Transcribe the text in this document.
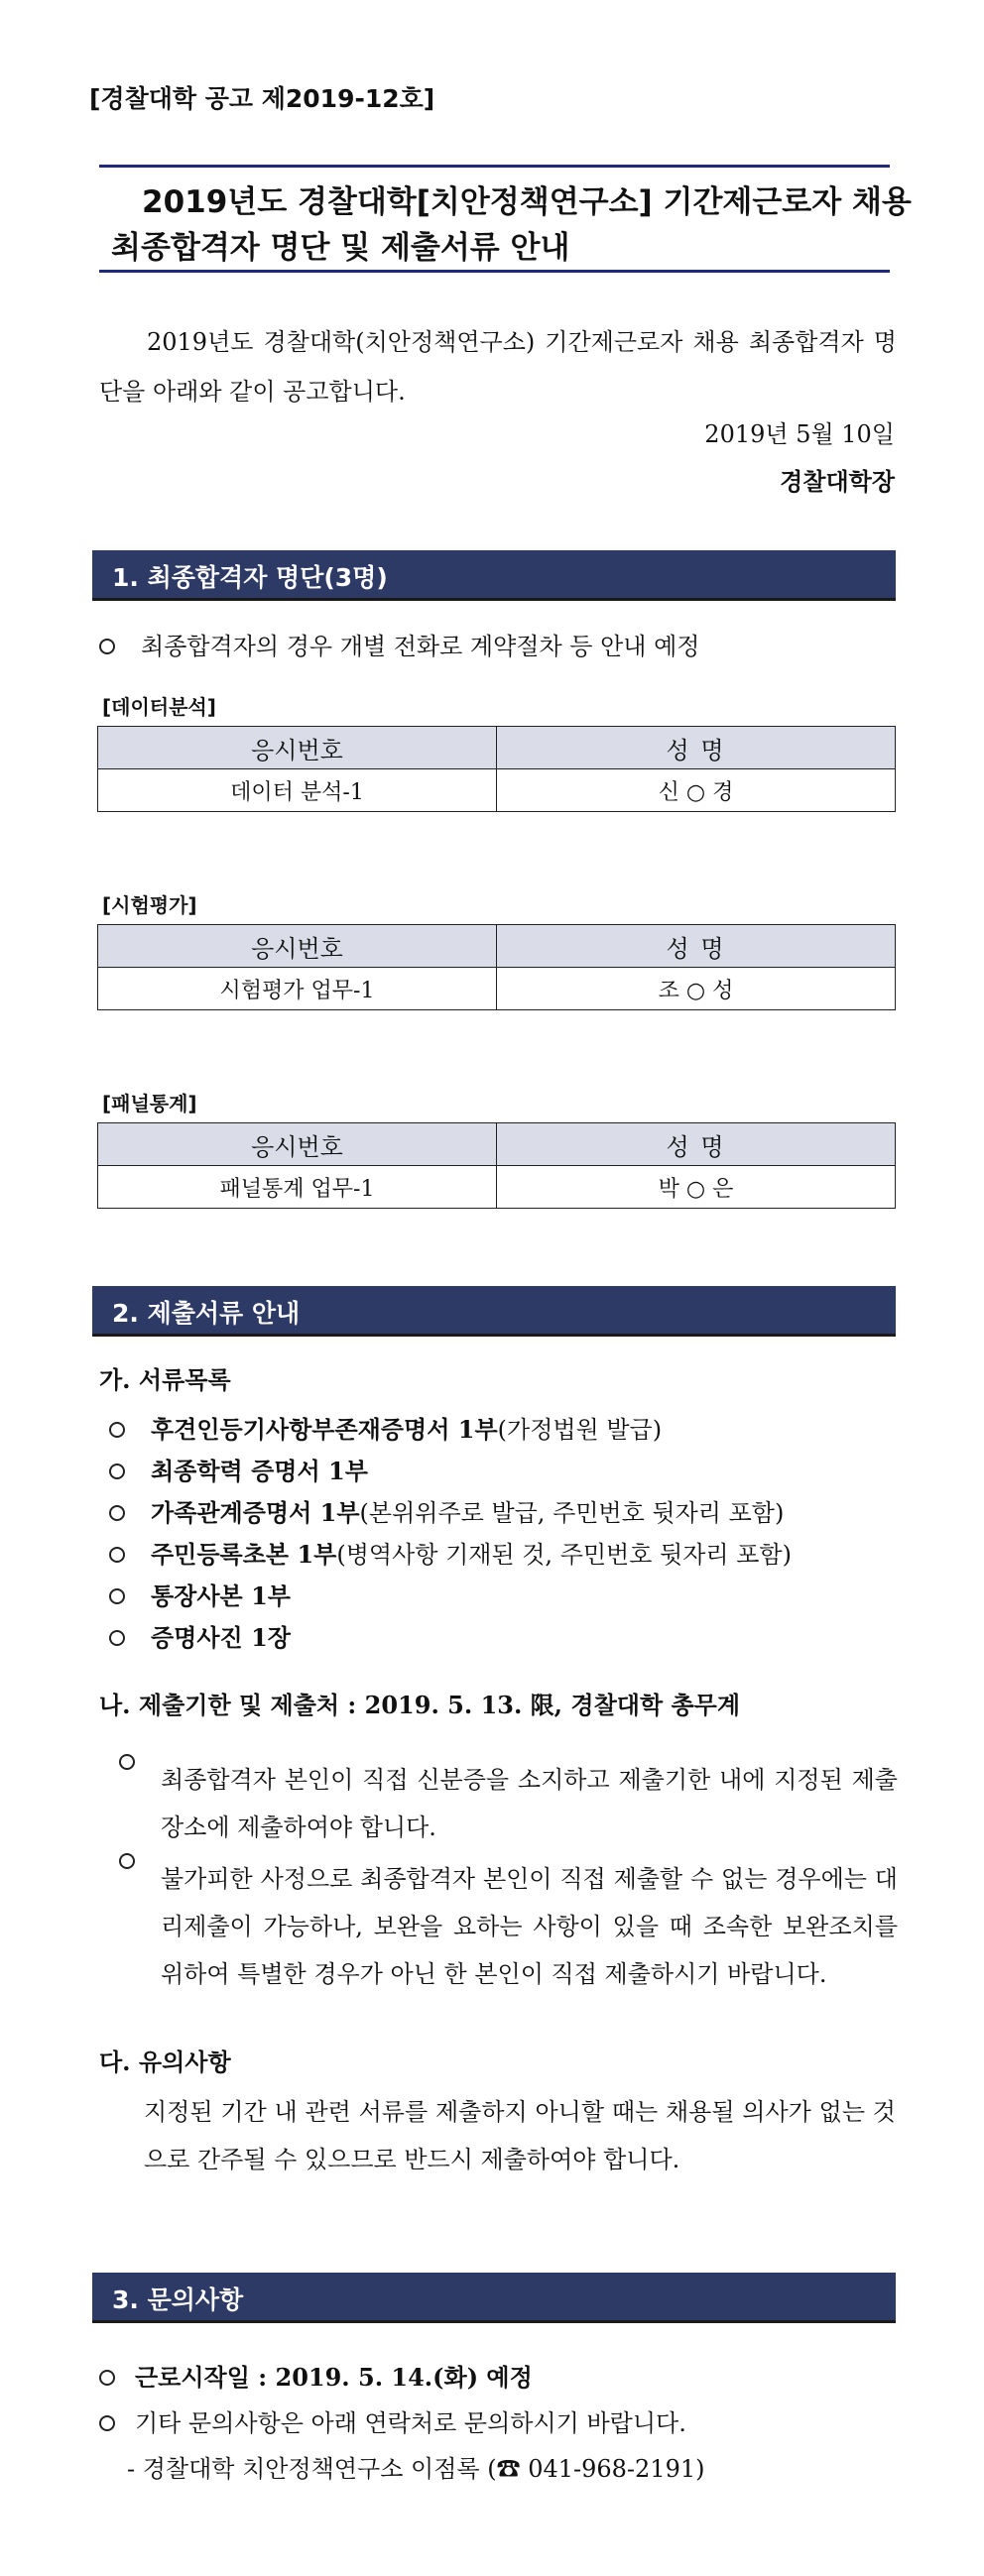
[경찰대학 공고 제2019-12호]
2019년도 경찰대학[치안정책연구소] 기간제근로자 채용
최종합격자 명단 및 제출서류 안내
2019년도 경찰대학(치안정책연구소) 기간제근로자 채용 최종합격자 명단을 아래와 같이 공고합니다.
2019년 5월 10일
경찰대학장
1. 최종합격자 명단(3명)
최종합격자의 경우 개별 전화로 계약절차 등 안내 예정
[데이터분석]
응시번호	성 명
데이터 분석-1	신 ○ 경
[시험평가]
응시번호	성 명
시험평가 업무-1	조 ○ 성
[패널통계]
응시번호	성 명
패널통계 업무-1	박 ○ 은
2. 제출서류 안내
가. 서류목록
후견인등기사항부존재증명서 1부(가정법원 발급)
최종학력 증명서 1부
가족관계증명서 1부(본위위주로 발급, 주민번호 뒷자리 포함)
주민등록초본 1부(병역사항 기재된 것, 주민번호 뒷자리 포함)
통장사본 1부
증명사진 1장
나. 제출기한 및 제출처 : 2019. 5. 13. 限, 경찰대학 총무계
최종합격자 본인이 직접 신분증을 소지하고 제출기한 내에 지정된 제출 장소에 제출하여야 합니다.
불가피한 사정으로 최종합격자 본인이 직접 제출할 수 없는 경우에는 대리제출이 가능하나, 보완을 요하는 사항이 있을 때 조속한 보완조치를 위하여 특별한 경우가 아닌 한 본인이 직접 제출하시기 바랍니다.
다. 유의사항
지정된 기간 내 관련 서류를 제출하지 아니할 때는 채용될 의사가 없는 것으로 간주될 수 있으므로 반드시 제출하여야 합니다.
3. 문의사항
근로시작일 : 2019. 5. 14.(화) 예정
기타 문의사항은 아래 연락처로 문의하시기 바랍니다.
- 경찰대학 치안정책연구소 이점록 (☎ 041-968-2191)
